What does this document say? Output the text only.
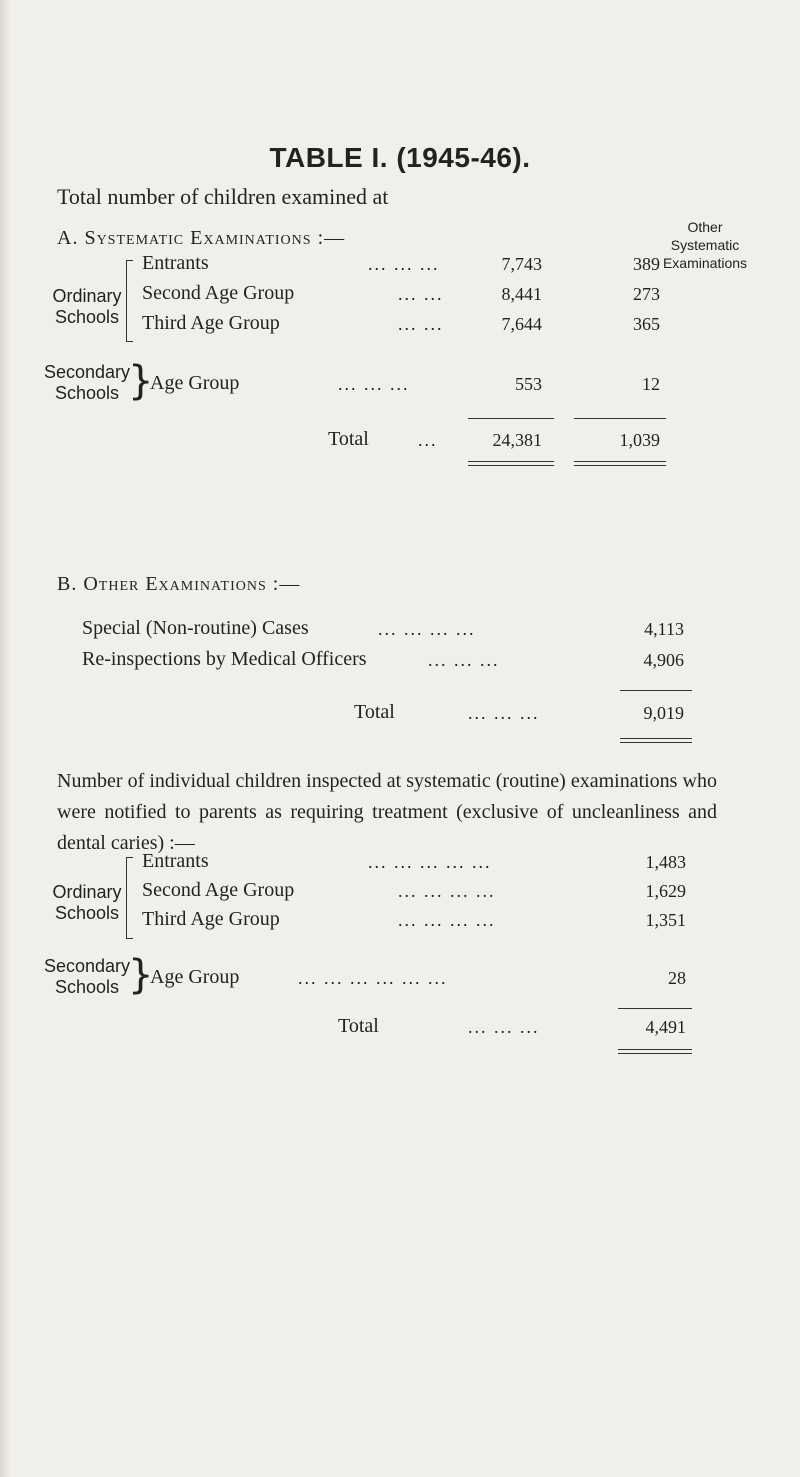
TABLE I. (1945-46).
Total number of children examined at
A. Systematic Examinations :—	Other
Systematic
Examinations
Ordinary
Schools
Entrants	... ... ...	7,743	389
Second Age Group	... ...	8,441	273
Third Age Group	... ...	7,644	365
Secondary
Schools }
Age Group	... ... ...	553	12
Total	...	24,381	1,039
B. Other Examinations :—
Special (Non-routine) Cases	... ... ... ...	4,113
Re-inspections by Medical Officers	... ... ...	4,906
Total	... ... ...	9,019
Number of individual children inspected at systematic (routine) examinations who were notified to parents as requiring treatment (exclusive of uncleanliness and dental caries) :—
Ordinary
Schools
Entrants	... ... ... ... ...	1,483
Second Age Group	... ... ... ...	1,629
Third Age Group	... ... ... ...	1,351
Secondary
Schools }
Age Group	... ... ... ... ... ...	28
Total	... ... ...	4,491
